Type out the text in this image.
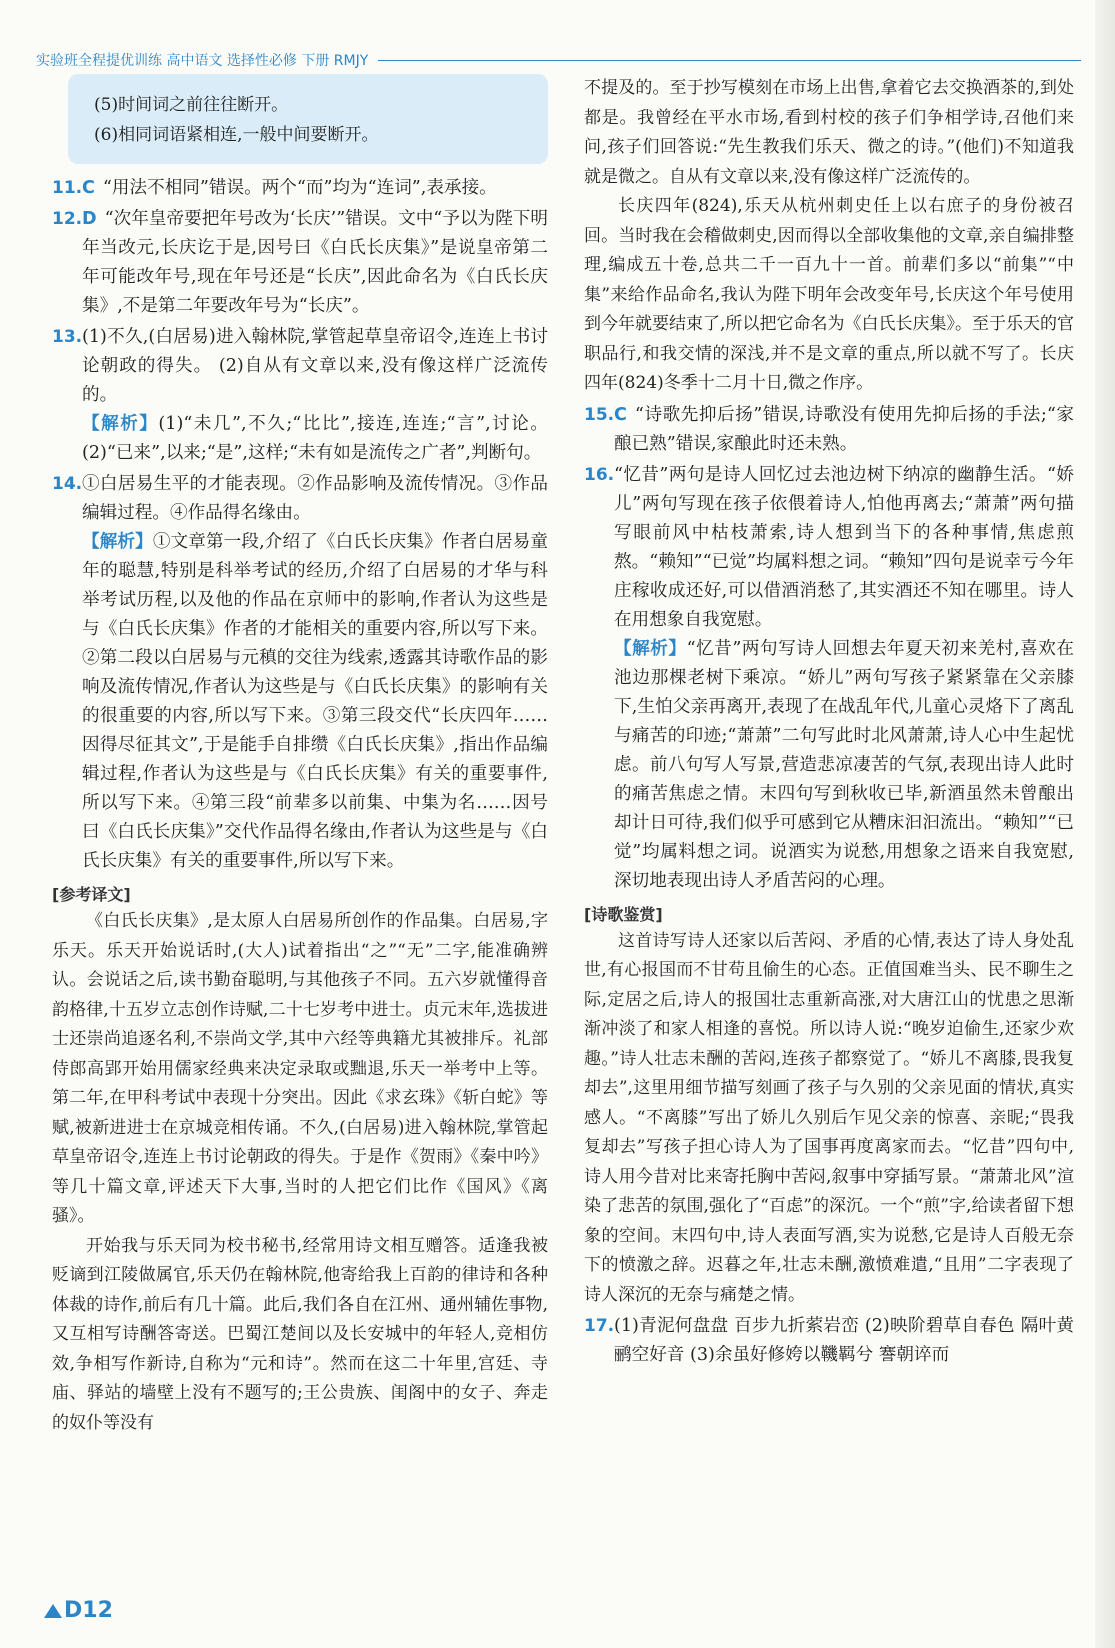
实验班全程提优训练 高中语文 选择性必修 下册 RMJY

(5)时间词之前往往断开。

(6)相同词语紧相连,一般中间要断开。

11. C “用法不相同”错误。两个“而”均为“连词”,表承接。

12. D “次年皇帝要把年号改为‘长庆’”错误。文中“予以为陛下明年当改元,长庆讫于是,因号曰《白氏长庆集》”是说皇帝第二年可能改年号,现在年号还是“长庆”,因此命名为《白氏长庆集》,不是第二年要改年号为“长庆”。

13. (1)不久,(白居易)进入翰林院,掌管起草皇帝诏令,连连上书讨论朝政的得失。 (2)自从有文章以来,没有像这样广泛流传的。

【解析】(1)“未几”,不久;“比比”,接连,连连;“言”,讨论。(2)“已来”,以来;“是”,这样;“未有如是流传之广者”,判断句。

14. ①白居易生平的才能表现。②作品影响及流传情况。③作品编辑过程。④作品得名缘由。

【解析】①文章第一段,介绍了《白氏长庆集》作者白居易童年的聪慧,特别是科举考试的经历,介绍了白居易的才华与科举考试历程,以及他的作品在京师中的影响,作者认为这些是与《白氏长庆集》作者的才能相关的重要内容,所以写下来。②第二段以白居易与元稹的交往为线索,透露其诗歌作品的影响及流传情况,作者认为这些是与《白氏长庆集》的影响有关的很重要的内容,所以写下来。③第三段交代“长庆四年……因得尽征其文”,于是能手自排缵《白氏长庆集》,指出作品编辑过程,作者认为这些是与《白氏长庆集》有关的重要事件,所以写下来。④第三段“前辈多以前集、中集为名……因号曰《白氏长庆集》”交代作品得名缘由,作者认为这些是与《白氏长庆集》有关的重要事件,所以写下来。

[参考译文]

《白氏长庆集》,是太原人白居易所创作的作品集。白居易,字乐天。乐天开始说话时,(大人)试着指出“之”“无”二字,能准确辨认。会说话之后,读书勤奋聪明,与其他孩子不同。五六岁就懂得音韵格律,十五岁立志创作诗赋,二十七岁考中进士。贞元末年,选拔进士还崇尚追逐名利,不崇尚文学,其中六经等典籍尤其被排斥。礼部侍郎高郢开始用儒家经典来决定录取或黜退,乐天一举考中上等。第二年,在甲科考试中表现十分突出。因此《求玄珠》《斩白蛇》等赋,被新进进士在京城竞相传诵。不久,(白居易)进入翰林院,掌管起草皇帝诏令,连连上书讨论朝政的得失。于是作《贺雨》《秦中吟》等几十篇文章,评述天下大事,当时的人把它们比作《国风》《离骚》。

开始我与乐天同为校书秘书,经常用诗文相互赠答。适逢我被贬谪到江陵做属官,乐天仍在翰林院,他寄给我上百韵的律诗和各种体裁的诗作,前后有几十篇。此后,我们各自在江州、通州辅佐事物,又互相写诗酬答寄送。巴蜀江楚间以及长安城中的年轻人,竞相仿效,争相写作新诗,自称为“元和诗”。然而在这二十年里,宫廷、寺庙、驿站的墙壁上没有不题写的;王公贵族、闺阁中的女子、奔走的奴仆等没有

不提及的。至于抄写模刻在市场上出售,拿着它去交换酒茶的,到处都是。我曾经在平水市场,看到村校的孩子们争相学诗,召他们来问,孩子们回答说:“先生教我们乐天、微之的诗。”(他们)不知道我就是微之。自从有文章以来,没有像这样广泛流传的。

长庆四年(824),乐天从杭州刺史任上以右庶子的身份被召回。当时我在会稽做刺史,因而得以全部收集他的文章,亲自编排整理,编成五十卷,总共二千一百九十一首。前辈们多以“前集”“中集”来给作品命名,我认为陛下明年会改变年号,长庆这个年号使用到今年就要结束了,所以把它命名为《白氏长庆集》。至于乐天的官职品行,和我交情的深浅,并不是文章的重点,所以就不写了。长庆四年(824)冬季十二月十日,微之作序。

15. C “诗歌先抑后扬”错误,诗歌没有使用先抑后扬的手法;“家酿已熟”错误,家酿此时还未熟。

16. “忆昔”两句是诗人回忆过去池边树下纳凉的幽静生活。“娇儿”两句写现在孩子依偎着诗人,怕他再离去;“萧萧”两句描写眼前风中枯枝萧索,诗人想到当下的各种事情,焦虑煎熬。“赖知”“已觉”均属料想之词。“赖知”四句是说幸亏今年庄稼收成还好,可以借酒消愁了,其实酒还不知在哪里。诗人在用想象自我宽慰。

【解析】“忆昔”两句写诗人回想去年夏天初来羌村,喜欢在池边那棵老树下乘凉。“娇儿”两句写孩子紧紧靠在父亲膝下,生怕父亲再离开,表现了在战乱年代,儿童心灵烙下了离乱与痛苦的印迹;“萧萧”二句写此时北风萧萧,诗人心中生起忧虑。前八句写人写景,营造悲凉凄苦的气氛,表现出诗人此时的痛苦焦虑之情。末四句写到秋收已毕,新酒虽然未曾酿出却计日可待,我们似乎可感到它从糟床汩汩流出。“赖知”“已觉”均属料想之词。说酒实为说愁,用想象之语来自我宽慰,深切地表现出诗人矛盾苦闷的心理。

[诗歌鉴赏]

这首诗写诗人还家以后苦闷、矛盾的心情,表达了诗人身处乱世,有心报国而不甘苟且偷生的心态。正值国难当头、民不聊生之际,定居之后,诗人的报国壮志重新高涨,对大唐江山的忧患之思渐渐冲淡了和家人相逢的喜悦。所以诗人说:“晚岁迫偷生,还家少欢趣。”诗人壮志未酬的苦闷,连孩子都察觉了。“娇儿不离膝,畏我复却去”,这里用细节描写刻画了孩子与久别的父亲见面的情状,真实感人。“不离膝”写出了娇儿久别后乍见父亲的惊喜、亲昵;“畏我复却去”写孩子担心诗人为了国事再度离家而去。“忆昔”四句中,诗人用今昔对比来寄托胸中苦闷,叙事中穿插写景。“萧萧北风”渲染了悲苦的氛围,强化了“百虑”的深沉。一个“煎”字,给读者留下想象的空间。末四句中,诗人表面写酒,实为说愁,它是诗人百般无奈下的愤激之辞。迟暮之年,壮志未酬,激愤难遣,“且用”二字表现了诗人深沉的无奈与痛楚之情。

17. (1)青泥何盘盘 百步九折萦岩峦 (2)映阶碧草自春色 隔叶黄鹂空好音 (3)余虽好修姱以鞿羁兮 謇朝谇而

D12
